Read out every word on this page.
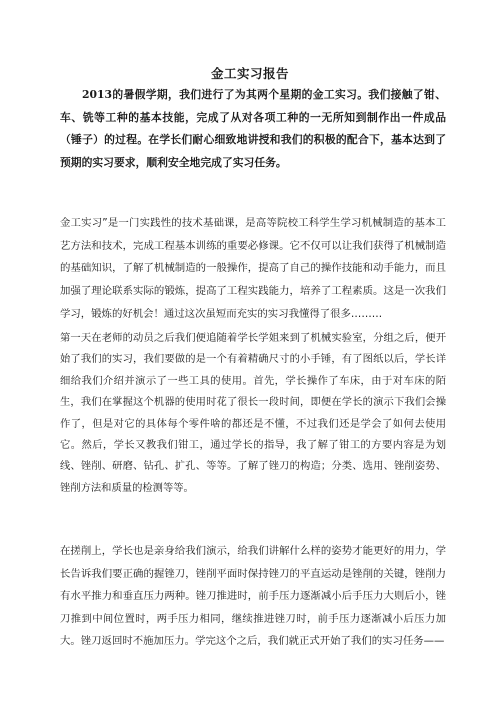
金工实习报告

2013的暑假学期，我们进行了为其两个星期的金工实习。我们接触了钳、车、铣等工种的基本技能，完成了从对各项工种的一无所知到制作出一件成品（锤子）的过程。在学长们耐心细致地讲授和我们的积极的配合下，基本达到了预期的实习要求，顺利安全地完成了实习任务。

金工实习”是一门实践性的技术基础课，是高等院校工科学生学习机械制造的基本工艺方法和技术，完成工程基本训练的重要必修课。它不仅可以让我们获得了机械制造的基础知识，了解了机械制造的一般操作，提高了自己的操作技能和动手能力，而且加强了理论联系实际的锻炼，提高了工程实践能力，培养了工程素质。这是一次我们学习，锻炼的好机会！通过这次虽短而充实的实习我懂得了很多………

第一天在老师的动员之后我们便追随着学长学姐来到了机械实验室，分组之后，便开始了我们的实习，我们要做的是一个有着精确尺寸的小手锤，有了图纸以后，学长详细给我们介绍并演示了一些工具的使用。首先，学长操作了车床，由于对车床的陌生，我们在掌握这个机器的使用时花了很长一段时间，即便在学长的演示下我们会操作了，但是对它的具体每个零件啥的都还是不懂，不过我们还是学会了如何去使用它。然后，学长又教我们钳工，通过学长的指导，我了解了钳工的方要内容是为划线、锉削、研磨、钻孔、扩孔、等等。了解了锉刀的构造；分类、选用、锉削姿势、锉削方法和质量的检测等等。

在搓削上，学长也是亲身给我们演示，给我们讲解什么样的姿势才能更好的用力，学长告诉我们要正确的握锉刀，锉削平面时保持锉刀的平直运动是锉削的关键，锉削力有水平推力和垂直压力两种。锉刀推进时，前手压力逐渐减小后手压力大则后小，锉刀推到中间位置时，两手压力相同，继续推进锉刀时，前手压力逐渐减小后压力加大。锉刀返回时不施加压力。学完这个之后，我们就正式开始了我们的实习任务——
